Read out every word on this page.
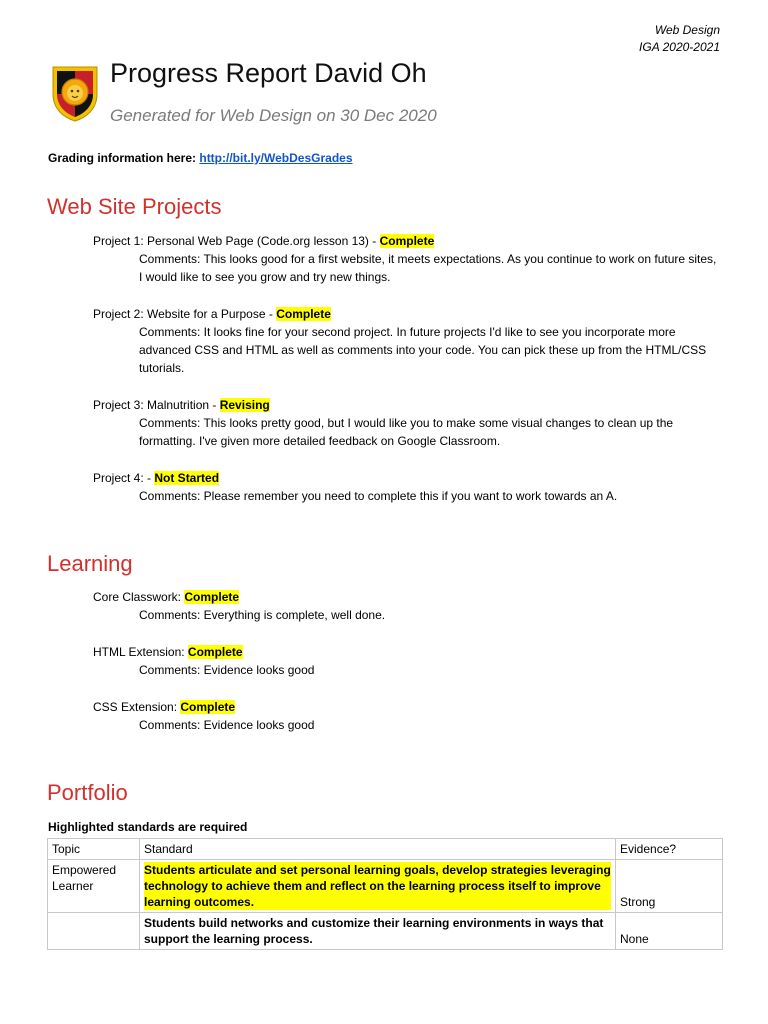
Web Design
IGA 2020-2021
Progress Report David Oh
Generated for Web Design on 30 Dec 2020
Grading information here: http://bit.ly/WebDesGrades
Web Site Projects
Project 1: Personal Web Page (Code.org lesson 13) - Complete
Comments: This looks good for a first website, it meets expectations. As you continue to work on future sites, I would like to see you grow and try new things.
Project 2: Website for a Purpose - Complete
Comments: It looks fine for your second project. In future projects I'd like to see you incorporate more advanced CSS and HTML as well as comments into your code. You can pick these up from the HTML/CSS tutorials.
Project 3: Malnutrition - Revising
Comments: This looks pretty good, but I would like you to make some visual changes to clean up the formatting. I've given more detailed feedback on Google Classroom.
Project 4: - Not Started
Comments: Please remember you need to complete this if you want to work towards an A.
Learning
Core Classwork: Complete
Comments: Everything is complete, well done.
HTML Extension: Complete
Comments: Evidence looks good
CSS Extension: Complete
Comments: Evidence looks good
Portfolio
Highlighted standards are required
Topic	Standard	Evidence?
Empowered Learner	Students articulate and set personal learning goals, develop strategies leveraging technology to achieve them and reflect on the learning process itself to improve learning outcomes.	Strong
	Students build networks and customize their learning environments in ways that support the learning process.	None
